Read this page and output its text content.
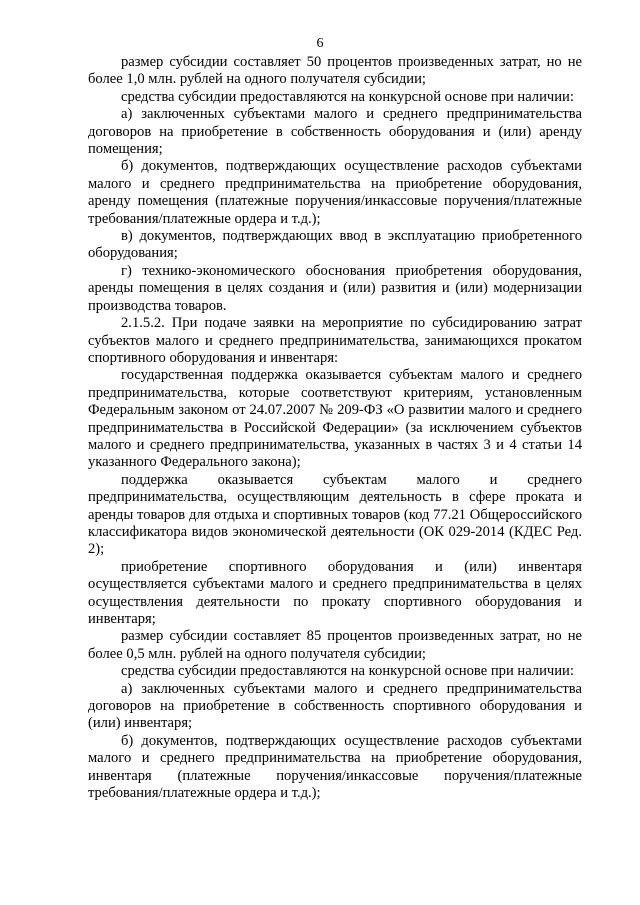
6

размер субсидии составляет 50 процентов произведенных затрат, но не более 1,0 млн. рублей на одного получателя субсидии;

средства субсидии предоставляются на конкурсной основе при наличии:

а) заключенных субъектами малого и среднего предпринимательства договоров на приобретение в собственность оборудования и (или) аренду помещения;

б) документов, подтверждающих осуществление расходов субъектами малого и среднего предпринимательства на приобретение оборудования, аренду помещения (платежные поручения/инкассовые поручения/платежные требования/платежные ордера и т.д.);

в) документов, подтверждающих ввод в эксплуатацию приобретенного оборудования;

г) технико-экономического обоснования приобретения оборудования, аренды помещения в целях создания и (или) развития и (или) модернизации производства товаров.

2.1.5.2. При подаче заявки на мероприятие по субсидированию затрат субъектов малого и среднего предпринимательства, занимающихся прокатом спортивного оборудования и инвентаря:

государственная поддержка оказывается субъектам малого и среднего предпринимательства, которые соответствуют критериям, установленным Федеральным законом от 24.07.2007 № 209-ФЗ «О развитии малого и среднего предпринимательства в Российской Федерации» (за исключением субъектов малого и среднего предпринимательства, указанных в частях 3 и 4 статьи 14 указанного Федерального закона);

поддержка оказывается субъектам малого и среднего предпринимательства, осуществляющим деятельность в сфере проката и аренды товаров для отдыха и спортивных товаров (код 77.21 Общероссийского классификатора видов экономической деятельности (ОК 029-2014 (КДЕС Ред. 2);

приобретение спортивного оборудования и (или) инвентаря осуществляется субъектами малого и среднего предпринимательства в целях осуществления деятельности по прокату спортивного оборудования и инвентаря;

размер субсидии составляет 85 процентов произведенных затрат, но не более 0,5 млн. рублей на одного получателя субсидии;

средства субсидии предоставляются на конкурсной основе при наличии:

а) заключенных субъектами малого и среднего предпринимательства договоров на приобретение в собственность спортивного оборудования и (или) инвентаря;

б) документов, подтверждающих осуществление расходов субъектами малого и среднего предпринимательства на приобретение оборудования, инвентаря (платежные поручения/инкассовые поручения/платежные требования/платежные ордера и т.д.);
